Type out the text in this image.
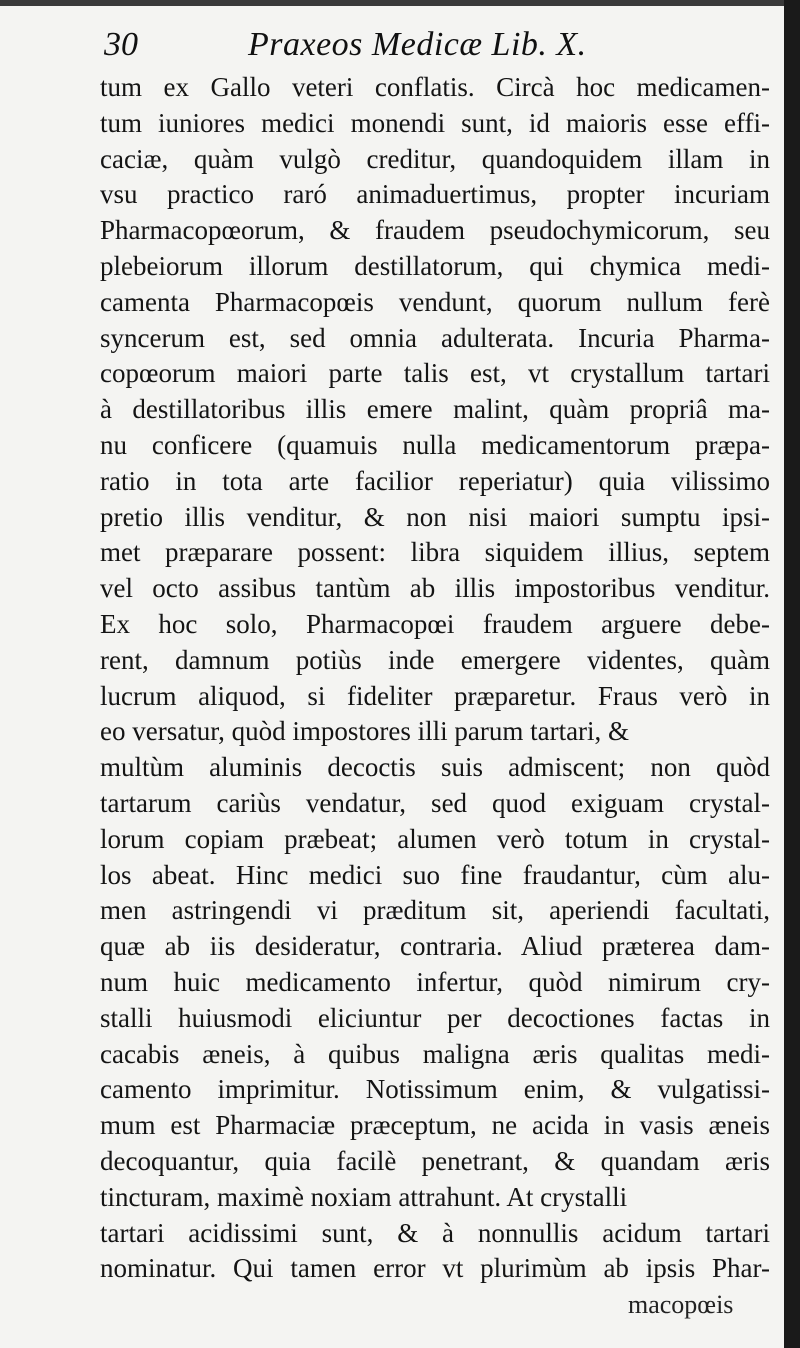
30	Praxeos Medicæ Lib. X.
tum ex Gallo veteri conflatis. Circà hoc medicamen-
tum iuniores medici monendi sunt, id maioris esse effi-
caciæ, quàm vulgò creditur, quandoquidem illam in
vsu practico raró animaduertimus, propter incuriam
Pharmacopœorum, & fraudem pseudochymicorum, seu
plebeiorum illorum destillatorum, qui chymica medi-
camenta Pharmacopœis vendunt, quorum nullum ferè
syncerum est, sed omnia adulterata. Incuria Pharma-
copœorum maiori parte talis est, vt crystallum tartari
à destillatoribus illis emere malint, quàm propriâ ma-
nu conficere (quamuis nulla medicamentorum præpa-
ratio in tota arte facilior reperiatur) quia vilissimo
pretio illis venditur, & non nisi maiori sumptu ipsi-
met præparare possent: libra siquidem illius, septem
vel octo assibus tantùm ab illis impostoribus venditur.
Ex hoc solo, Pharmacopœi fraudem arguere debe-
rent, damnum potiùs inde emergere videntes, quàm
lucrum aliquod, si fideliter præparetur. Fraus verò in
eo versatur, quòd impostores illi parum tartari, &
multùm aluminis decoctis suis admiscent; non quòd
tartarum cariùs vendatur, sed quod exiguam crystal-
lorum copiam præbeat; alumen verò totum in crystal-
los abeat. Hinc medici suo fine fraudantur, cùm alu-
men astringendi vi præditum sit, aperiendi facultati,
quæ ab iis desideratur, contraria. Aliud præterea dam-
num huic medicamento infertur, quòd nimirum cry-
stalli huiusmodi eliciuntur per decoctiones factas in
cacabis æneis, à quibus maligna æris qualitas medi-
camento imprimitur. Notissimum enim, & vulgatissi-
mum est Pharmaciæ præceptum, ne acida in vasis æneis
decoquantur, quia facilè penetrant, & quandam æris
tincturam, maximè noxiam attrahunt. At crystalli
tartari acidissimi sunt, & à nonnullis acidum tartari
nominatur. Qui tamen error vt plurimùm ab ipsis Phar-
macopœis
